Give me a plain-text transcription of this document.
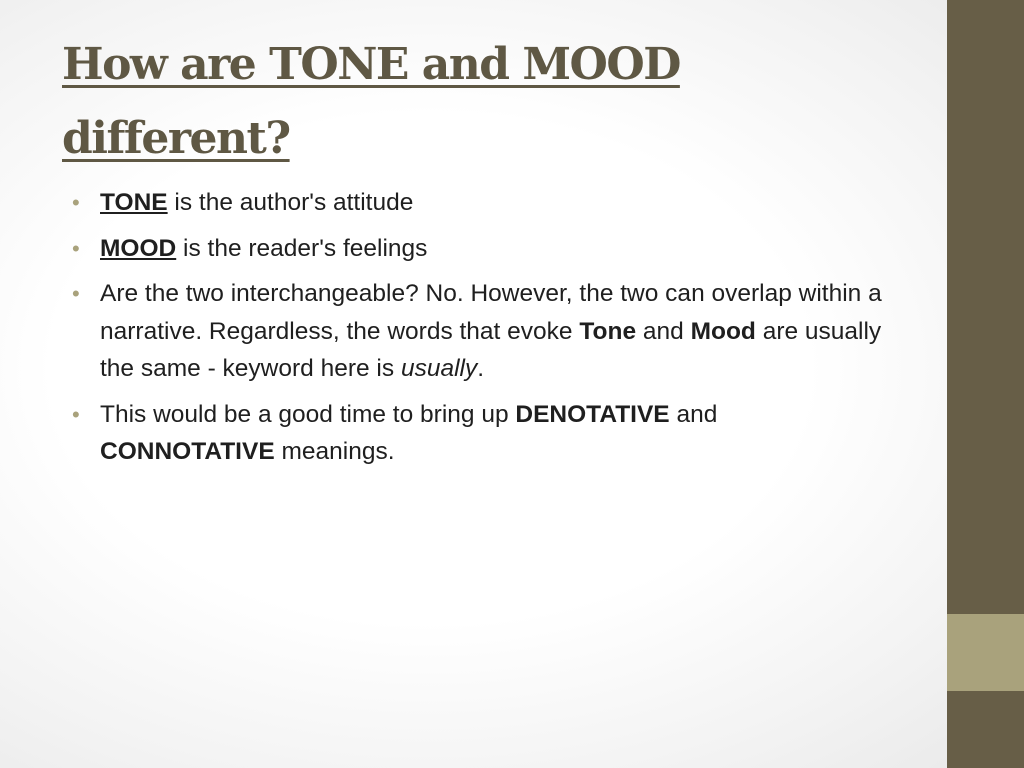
How are TONE and MOOD different?
• TONE is the author's attitude
• MOOD is the reader's feelings
• Are the two interchangeable? No. However, the two can overlap within a narrative. Regardless, the words that evoke Tone and Mood are usually the same - keyword here is usually.
• This would be a good time to bring up DENOTATIVE and CONNOTATIVE meanings.
